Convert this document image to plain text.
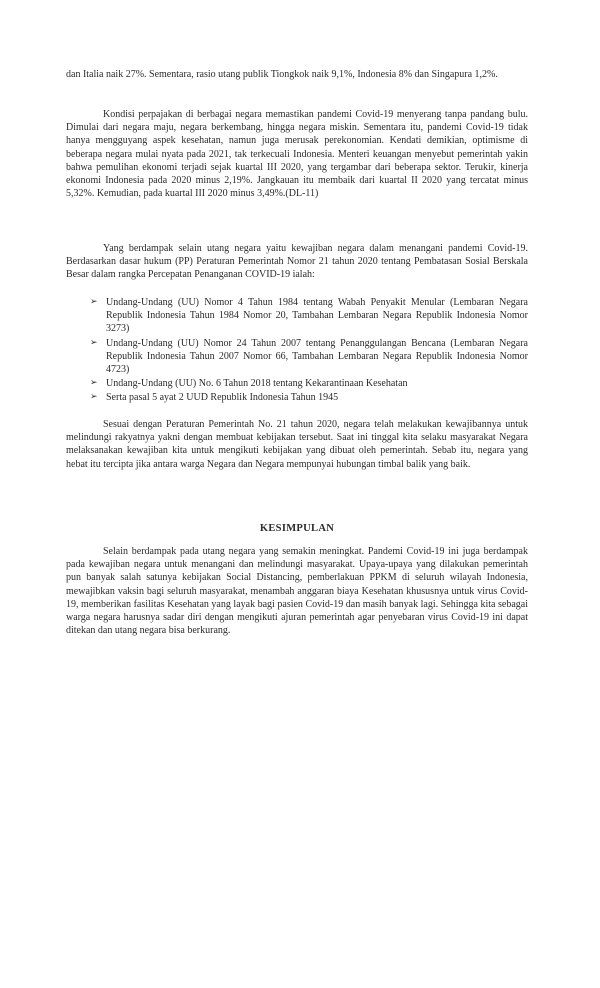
dan Italia naik 27%. Sementara, rasio utang publik Tiongkok naik 9,1%, Indonesia 8% dan Singapura 1,2%.

Kondisi perpajakan di berbagai negara memastikan pandemi Covid-19 menyerang tanpa pandang bulu. Dimulai dari negara maju, negara berkembang, hingga negara miskin. Sementara itu, pandemi Covid-19 tidak hanya mengguyang aspek kesehatan, namun juga merusak perekonomian. Kendati demikian, optimisme di beberapa negara mulai nyata pada 2021, tak terkecuali Indonesia. Menteri keuangan menyebut pemerintah yakin bahwa pemulihan ekonomi terjadi sejak kuartal III 2020, yang tergambar dari beberapa sektor. Terukir, kinerja ekonomi Indonesia pada 2020 minus 2,19%. Jangkauan itu membaik dari kuartal II 2020 yang tercatat minus 5,32%. Kemudian, pada kuartal III 2020 minus 3,49%.(DL-11)

Yang berdampak selain utang negara yaitu kewajiban negara dalam menangani pandemi Covid-19. Berdasarkan dasar hukum (PP) Peraturan Pemerintah Nomor 21 tahun 2020 tentang Pembatasan Sosial Berskala Besar dalam rangka Percepatan Penanganan COVID-19 ialah:

➢ Undang-Undang (UU) Nomor 4 Tahun 1984 tentang Wabah Penyakit Menular (Lembaran Negara Republik Indonesia Tahun 1984 Nomor 20, Tambahan Lembaran Negara Republik Indonesia Nomor 3273)
➢ Undang-Undang (UU) Nomor 24 Tahun 2007 tentang Penanggulangan Bencana (Lembaran Negara Republik Indonesia Tahun 2007 Nomor 66, Tambahan Lembaran Negara Republik Indonesia Nomor 4723)
➢ Undang-Undang (UU) No. 6 Tahun 2018 tentang Kekarantinaan Kesehatan
➢ Serta pasal 5 ayat 2 UUD Republik Indonesia Tahun 1945

Sesuai dengan Peraturan Pemerintah No. 21 tahun 2020, negara telah melakukan kewajibannya untuk melindungi rakyatnya yakni dengan membuat kebijakan tersebut. Saat ini tinggal kita selaku masyarakat Negara melaksanakan kewajiban kita untuk mengikuti kebijakan yang dibuat oleh pemerintah. Sebab itu, negara yang hebat itu tercipta jika antara warga Negara dan Negara mempunyai hubungan timbal balik yang baik.

KESIMPULAN

Selain berdampak pada utang negara yang semakin meningkat. Pandemi Covid-19 ini juga berdampak pada kewajiban negara untuk menangani dan melindungi masyarakat. Upaya-upaya yang dilakukan pemerintah pun banyak salah satunya kebijakan Social Distancing, pemberlakuan PPKM di seluruh wilayah Indonesia, mewajibkan vaksin bagi seluruh masyarakat, menambah anggaran biaya Kesehatan khususnya untuk virus Covid-19, memberikan fasilitas Kesehatan yang layak bagi pasien Covid-19 dan masih banyak lagi. Sehingga kita sebagai warga negara harusnya sadar diri dengan mengikuti ajuran pemerintah agar penyebaran virus Covid-19 ini dapat ditekan dan utang negara bisa berkurang.
